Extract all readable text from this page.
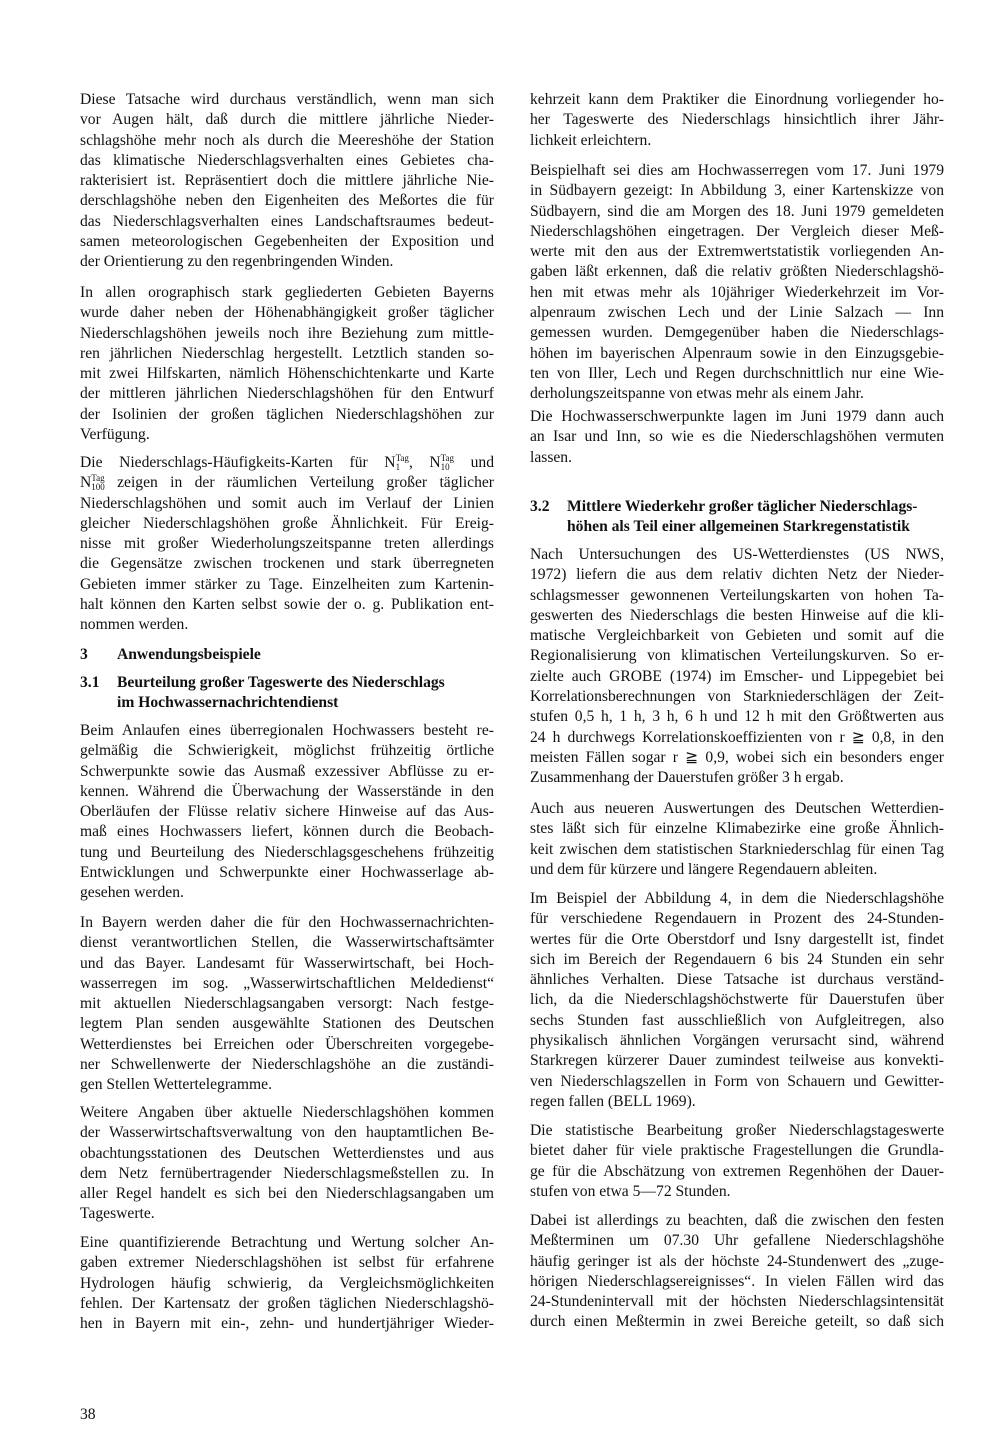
Diese Tatsache wird durchaus verständlich, wenn man sich
vor Augen hält, daß durch die mittlere jährliche Nieder-
schlagshöhe mehr noch als durch die Meereshöhe der Station
das klimatische Niederschlagsverhalten eines Gebietes cha-
rakterisiert ist. Repräsentiert doch die mittlere jährliche Nie-
derschlagshöhe neben den Eigenheiten des Meßortes die für
das Niederschlagsverhalten eines Landschaftsraumes bedeut-
samen meteorologischen Gegebenheiten der Exposition und
der Orientierung zu den regenbringenden Winden.
In allen orographisch stark gegliederten Gebieten Bayerns
wurde daher neben der Höhenabhängigkeit großer täglicher
Niederschlagshöhen jeweils noch ihre Beziehung zum mittle-
ren jährlichen Niederschlag hergestellt. Letztlich standen so-
mit zwei Hilfskarten, nämlich Höhenschichtenkarte und Karte
der mittleren jährlichen Niederschlagshöhen für den Entwurf
der Isolinien der großen täglichen Niederschlagshöhen zur
Verfügung.
Die Niederschlags-Häufigkeits-Karten für N Tag
1 , N Tag
10 und
N Tag
100 zeigen in der räumlichen Verteilung großer täglicher
Niederschlagshöhen und somit auch im Verlauf der Linien
gleicher Niederschlagshöhen große Ähnlichkeit. Für Ereig-
nisse mit großer Wiederholungszeitspanne treten allerdings
die Gegensätze zwischen trockenen und stark überregneten
Gebieten immer stärker zu Tage. Einzelheiten zum Kartenin-
halt können den Karten selbst sowie der o. g. Publikation ent-
nommen werden.
3 Anwendungsbeispiele
3.1 Beurteilung großer Tageswerte des Niederschlags
im Hochwassernachrichtendienst
Beim Anlaufen eines überregionalen Hochwassers besteht re-
gelmäßig die Schwierigkeit, möglichst frühzeitig örtliche
Schwerpunkte sowie das Ausmaß exzessiver Abflüsse zu er-
kennen. Während die Überwachung der Wasserstände in den
Oberläufen der Flüsse relativ sichere Hinweise auf das Aus-
maß eines Hochwassers liefert, können durch die Beobach-
tung und Beurteilung des Niederschlagsgeschehens frühzeitig
Entwicklungen und Schwerpunkte einer Hochwasserlage ab-
gesehen werden.
In Bayern werden daher die für den Hochwassernachrichten-
dienst verantwortlichen Stellen, die Wasserwirtschaftsämter
und das Bayer. Landesamt für Wasserwirtschaft, bei Hoch-
wasserregen im sog. „Wasserwirtschaftlichen Meldedienst“
mit aktuellen Niederschlagsangaben versorgt: Nach festge-
legtem Plan senden ausgewählte Stationen des Deutschen
Wetterdienstes bei Erreichen oder Überschreiten vorgegebe-
ner Schwellenwerte der Niederschlagshöhe an die zuständi-
gen Stellen Wettertelegramme.
Weitere Angaben über aktuelle Niederschlagshöhen kommen
der Wasserwirtschaftsverwaltung von den hauptamtlichen Be-
obachtungsstationen des Deutschen Wetterdienstes und aus
dem Netz fernübertragender Niederschlagsmeßstellen zu. In
aller Regel handelt es sich bei den Niederschlagsangaben um
Tageswerte.
Eine quantifizierende Betrachtung und Wertung solcher An-
gaben extremer Niederschlagshöhen ist selbst für erfahrene
Hydrologen häufig schwierig, da Vergleichsmöglichkeiten
fehlen. Der Kartensatz der großen täglichen Niederschlagshö-
hen in Bayern mit ein-, zehn- und hundertjähriger Wieder-
kehrzeit kann dem Praktiker die Einordnung vorliegender ho-
her Tageswerte des Niederschlags hinsichtlich ihrer Jähr-
lichkeit erleichtern.
Beispielhaft sei dies am Hochwasserregen vom 17. Juni 1979
in Südbayern gezeigt: In Abbildung 3, einer Kartenskizze von
Südbayern, sind die am Morgen des 18. Juni 1979 gemeldeten
Niederschlagshöhen eingetragen. Der Vergleich dieser Meß-
werte mit den aus der Extremwertstatistik vorliegenden An-
gaben läßt erkennen, daß die relativ größten Niederschlagshö-
hen mit etwas mehr als 10jähriger Wiederkehrzeit im Vor-
alpenraum zwischen Lech und der Linie Salzach — Inn
gemessen wurden. Demgegenüber haben die Niederschlags-
höhen im bayerischen Alpenraum sowie in den Einzugsgebie-
ten von Iller, Lech und Regen durchschnittlich nur eine Wie-
derholungszeitspanne von etwas mehr als einem Jahr.
Die Hochwasserschwerpunkte lagen im Juni 1979 dann auch
an Isar und Inn, so wie es die Niederschlagshöhen vermuten
lassen.
3.2 Mittlere Wiederkehr großer täglicher Niederschlags-
höhen als Teil einer allgemeinen Starkregenstatistik
Nach Untersuchungen des US-Wetterdienstes (US NWS,
1972) liefern die aus dem relativ dichten Netz der Nieder-
schlagsmesser gewonnenen Verteilungskarten von hohen Ta-
geswerten des Niederschlags die besten Hinweise auf die kli-
matische Vergleichbarkeit von Gebieten und somit auf die
Regionalisierung von klimatischen Verteilungskurven. So er-
zielte auch GROBE (1974) im Emscher- und Lippegebiet bei
Korrelationsberechnungen von Starkniederschlägen der Zeit-
stufen 0,5 h, 1 h, 3 h, 6 h und 12 h mit den Größtwerten aus
24 h durchwegs Korrelationskoeffizienten von r ≧ 0,8, in den
meisten Fällen sogar r ≧ 0,9, wobei sich ein besonders enger
Zusammenhang der Dauerstufen größer 3 h ergab.
Auch aus neueren Auswertungen des Deutschen Wetterdien-
stes läßt sich für einzelne Klimabezirke eine große Ähnlich-
keit zwischen dem statistischen Starkniederschlag für einen Tag
und dem für kürzere und längere Regendauern ableiten.
Im Beispiel der Abbildung 4, in dem die Niederschlagshöhe
für verschiedene Regendauern in Prozent des 24-Stunden-
wertes für die Orte Oberstdorf und Isny dargestellt ist, findet
sich im Bereich der Regendauern 6 bis 24 Stunden ein sehr
ähnliches Verhalten. Diese Tatsache ist durchaus verständ-
lich, da die Niederschlagshöchstwerte für Dauerstufen über
sechs Stunden fast ausschließlich von Aufgleitregen, also
physikalisch ähnlichen Vorgängen verursacht sind, während
Starkregen kürzerer Dauer zumindest teilweise aus konvekti-
ven Niederschlagszellen in Form von Schauern und Gewitter-
regen fallen (BELL 1969).
Die statistische Bearbeitung großer Niederschlagstageswerte
bietet daher für viele praktische Fragestellungen die Grundla-
ge für die Abschätzung von extremen Regenhöhen der Dauer-
stufen von etwa 5—72 Stunden.
Dabei ist allerdings zu beachten, daß die zwischen den festen
Meßterminen um 07.30 Uhr gefallene Niederschlagshöhe
häufig geringer ist als der höchste 24-Stundenwert des „zuge-
hörigen Niederschlagsereignisses“. In vielen Fällen wird das
24-Stundenintervall mit der höchsten Niederschlagsintensität
durch einen Meßtermin in zwei Bereiche geteilt, so daß sich
38
